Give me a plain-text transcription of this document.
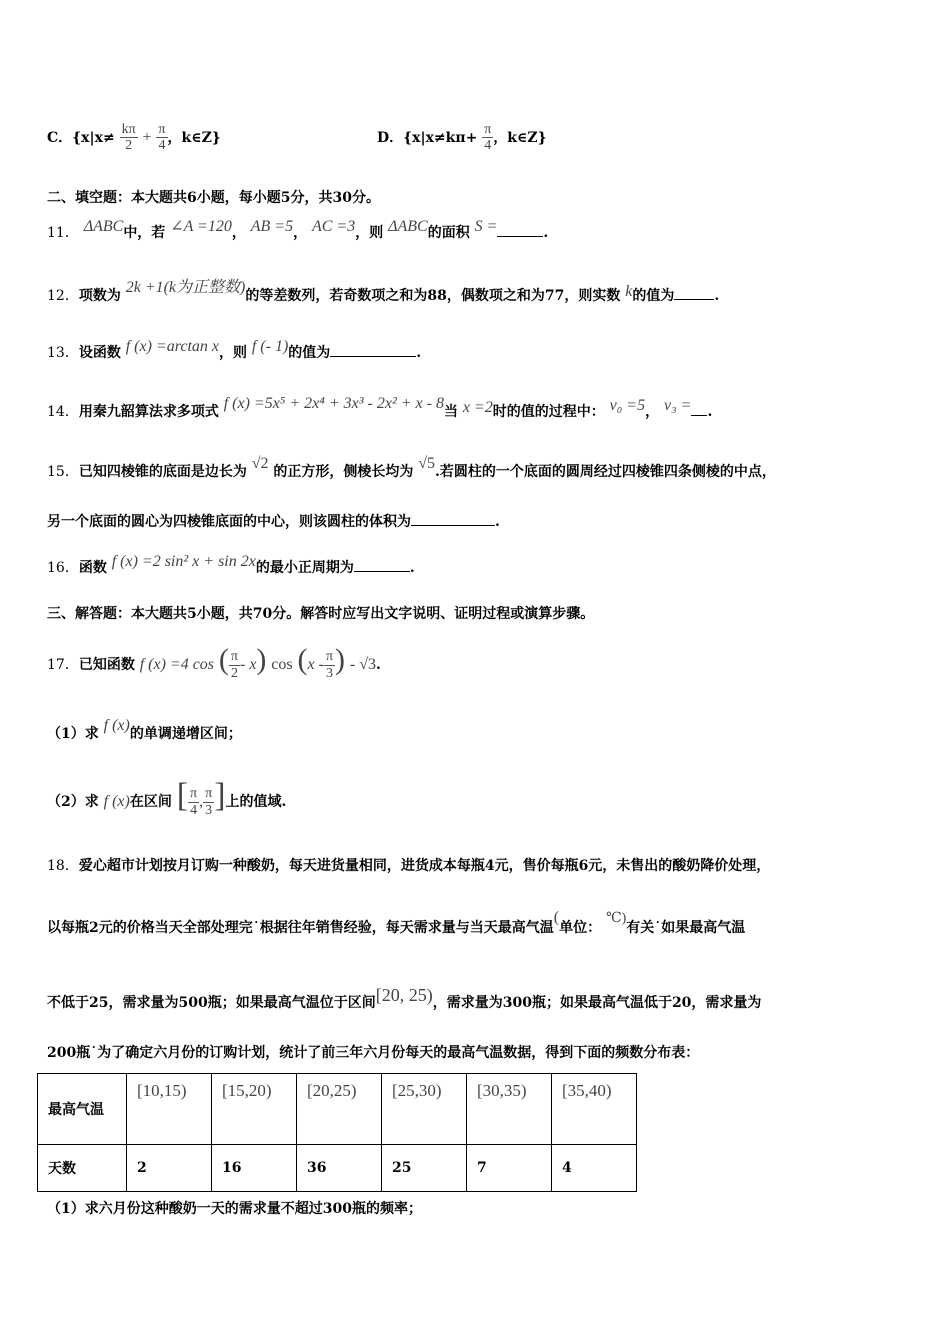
C．{$x|x\ne \frac{k\pi}{2} + \frac{\pi}{4}$ ，k∈Z}	D．{$x|x\ne k\pi+ \frac{\pi}{4}$ ，k∈Z}
二、填空题：本大题共6小题，每小题5分，共30分。
11． ΔABC中，若 ∠A =120， AB =5， AC =3，则 ΔABC的面积 S =	.
12．项数为 2k +1(k为正整数)的等差数列，若奇数项之和为88，偶数项之和为77，则实数 k的值为	.
13．设函数 f (x) =arctan x，则 f (- 1)的值为	.
14．用秦九韶算法求多项式 f (x) =5x⁵ + 2x⁴ + 3x³ - 2x² + x - 8当 x =2时的值的过程中： v₀ =5， v₃ = .
15．已知四棱锥的底面是边长为 √2 的正方形，侧棱长均为 √5.若圆柱的一个底面的圆周经过四棱锥四条侧棱的中点，
另一个底面的圆心为四棱锥底面的中心，则该圆柱的体积为	.
16．函数 f (x) =2 sin² x + sin 2x的最小正周期为	.
三、解答题：本大题共5小题，共70分。解答时应写出文字说明、证明过程或演算步骤。
17．已知函数 f (x) =4 cos ( $\frac{\pi}{2} - x$) $\cos (x - \frac{\pi}{3}$ ) - √3.
（1）求 f (x)的单调递增区间；
（2）求 f (x)在区间 [ $\frac{\pi}{4}$ , $\frac{\pi}{3}$ ]上的值域.
18．爱心超市计划按月订购一种酸奶，每天进货量相同，进货成本每瓶4元，售价每瓶6元，未售出的酸奶降价处理，
以每瓶2元的价格当天全部处理完˙根据往年销售经验，每天需求量与当天最高气温(单位： ℃)有关˙如果最高气温
不低于25，需求量为500瓶；如果最高气温位于区间[20, 25)，需求量为300瓶；如果最高气温低于20，需求量为
200瓶˙为了确定六月份的订购计划，统计了前三年六月份每天的最高气温数据，得到下面的频数分布表：
最高气温	[10,15)	[15,20)	[20,25)	[25,30)	[30,35)	[35,40)
天数	2	16	36	25	7	4
（1）求六月份这种酸奶一天的需求量不超过300瓶的频率；
